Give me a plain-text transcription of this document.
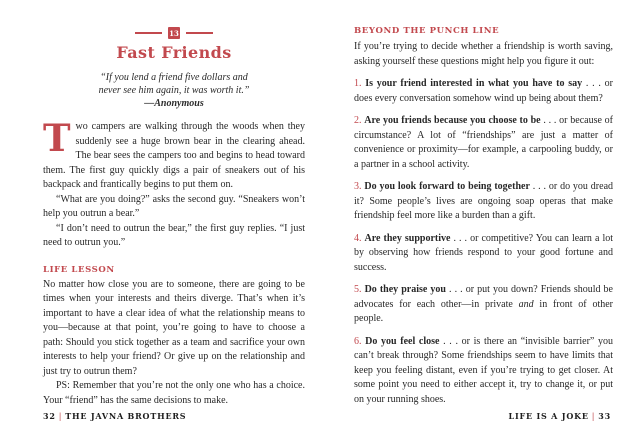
13
Fast Friends

“If you lend a friend five dollars and

never see him again, it was worth it.”

—Anonymous

Two campers are walking through the woods when they suddenly see a huge brown bear in the clearing ahead. The bear sees the campers too and begins to head toward them. The first guy quickly digs a pair of sneakers out of his backpack and frantically begins to put them on.

“What are you doing?” asks the second guy. “Sneakers won’t help you outrun a bear.”

“I don’t need to outrun the bear,” the first guy replies. “I just need to outrun you.”

LIFE LESSON

No matter how close you are to someone, there are going to be times when your interests and theirs diverge. That’s when it’s important to have a clear idea of what the relationship means to you—because at that point, you’re going to have to choose a path: Should you stick together as a team and sacrifice your own interests to help your friend? Or give up on the relationship and just try to outrun them?

PS: Remember that you’re not the only one who has a choice. Your “friend” has the same decisions to make.

32 | THE JAVNA BROTHERS
BEYOND THE PUNCH LINE

If you’re trying to decide whether a friendship is worth saving, asking yourself these questions might help you figure it out:

1. Is your friend interested in what you have to say . . . or does every conversation somehow wind up being about them?

2. Are you friends because you choose to be . . . or because of circumstance? A lot of “friendships” are just a matter of convenience or proximity—for example, a carpooling buddy, or a partner in a school activity.

3. Do you look forward to being together . . . or do you dread it? Some people’s lives are ongoing soap operas that make friendship feel more like a burden than a gift.

4. Are they supportive . . . or competitive? You can learn a lot by observing how friends respond to your good fortune and success.

5. Do they praise you . . . or put you down? Friends should be advocates for each other—in private and in front of other people.

6. Do you feel close . . . or is there an “invisible barrier” you can’t break through? Some friendships seem to have limits that keep you feeling distant, even if you’re trying to get closer. At some point you need to either accept it, try to change it, or put on your running shoes.

LIFE IS A JOKE | 33
